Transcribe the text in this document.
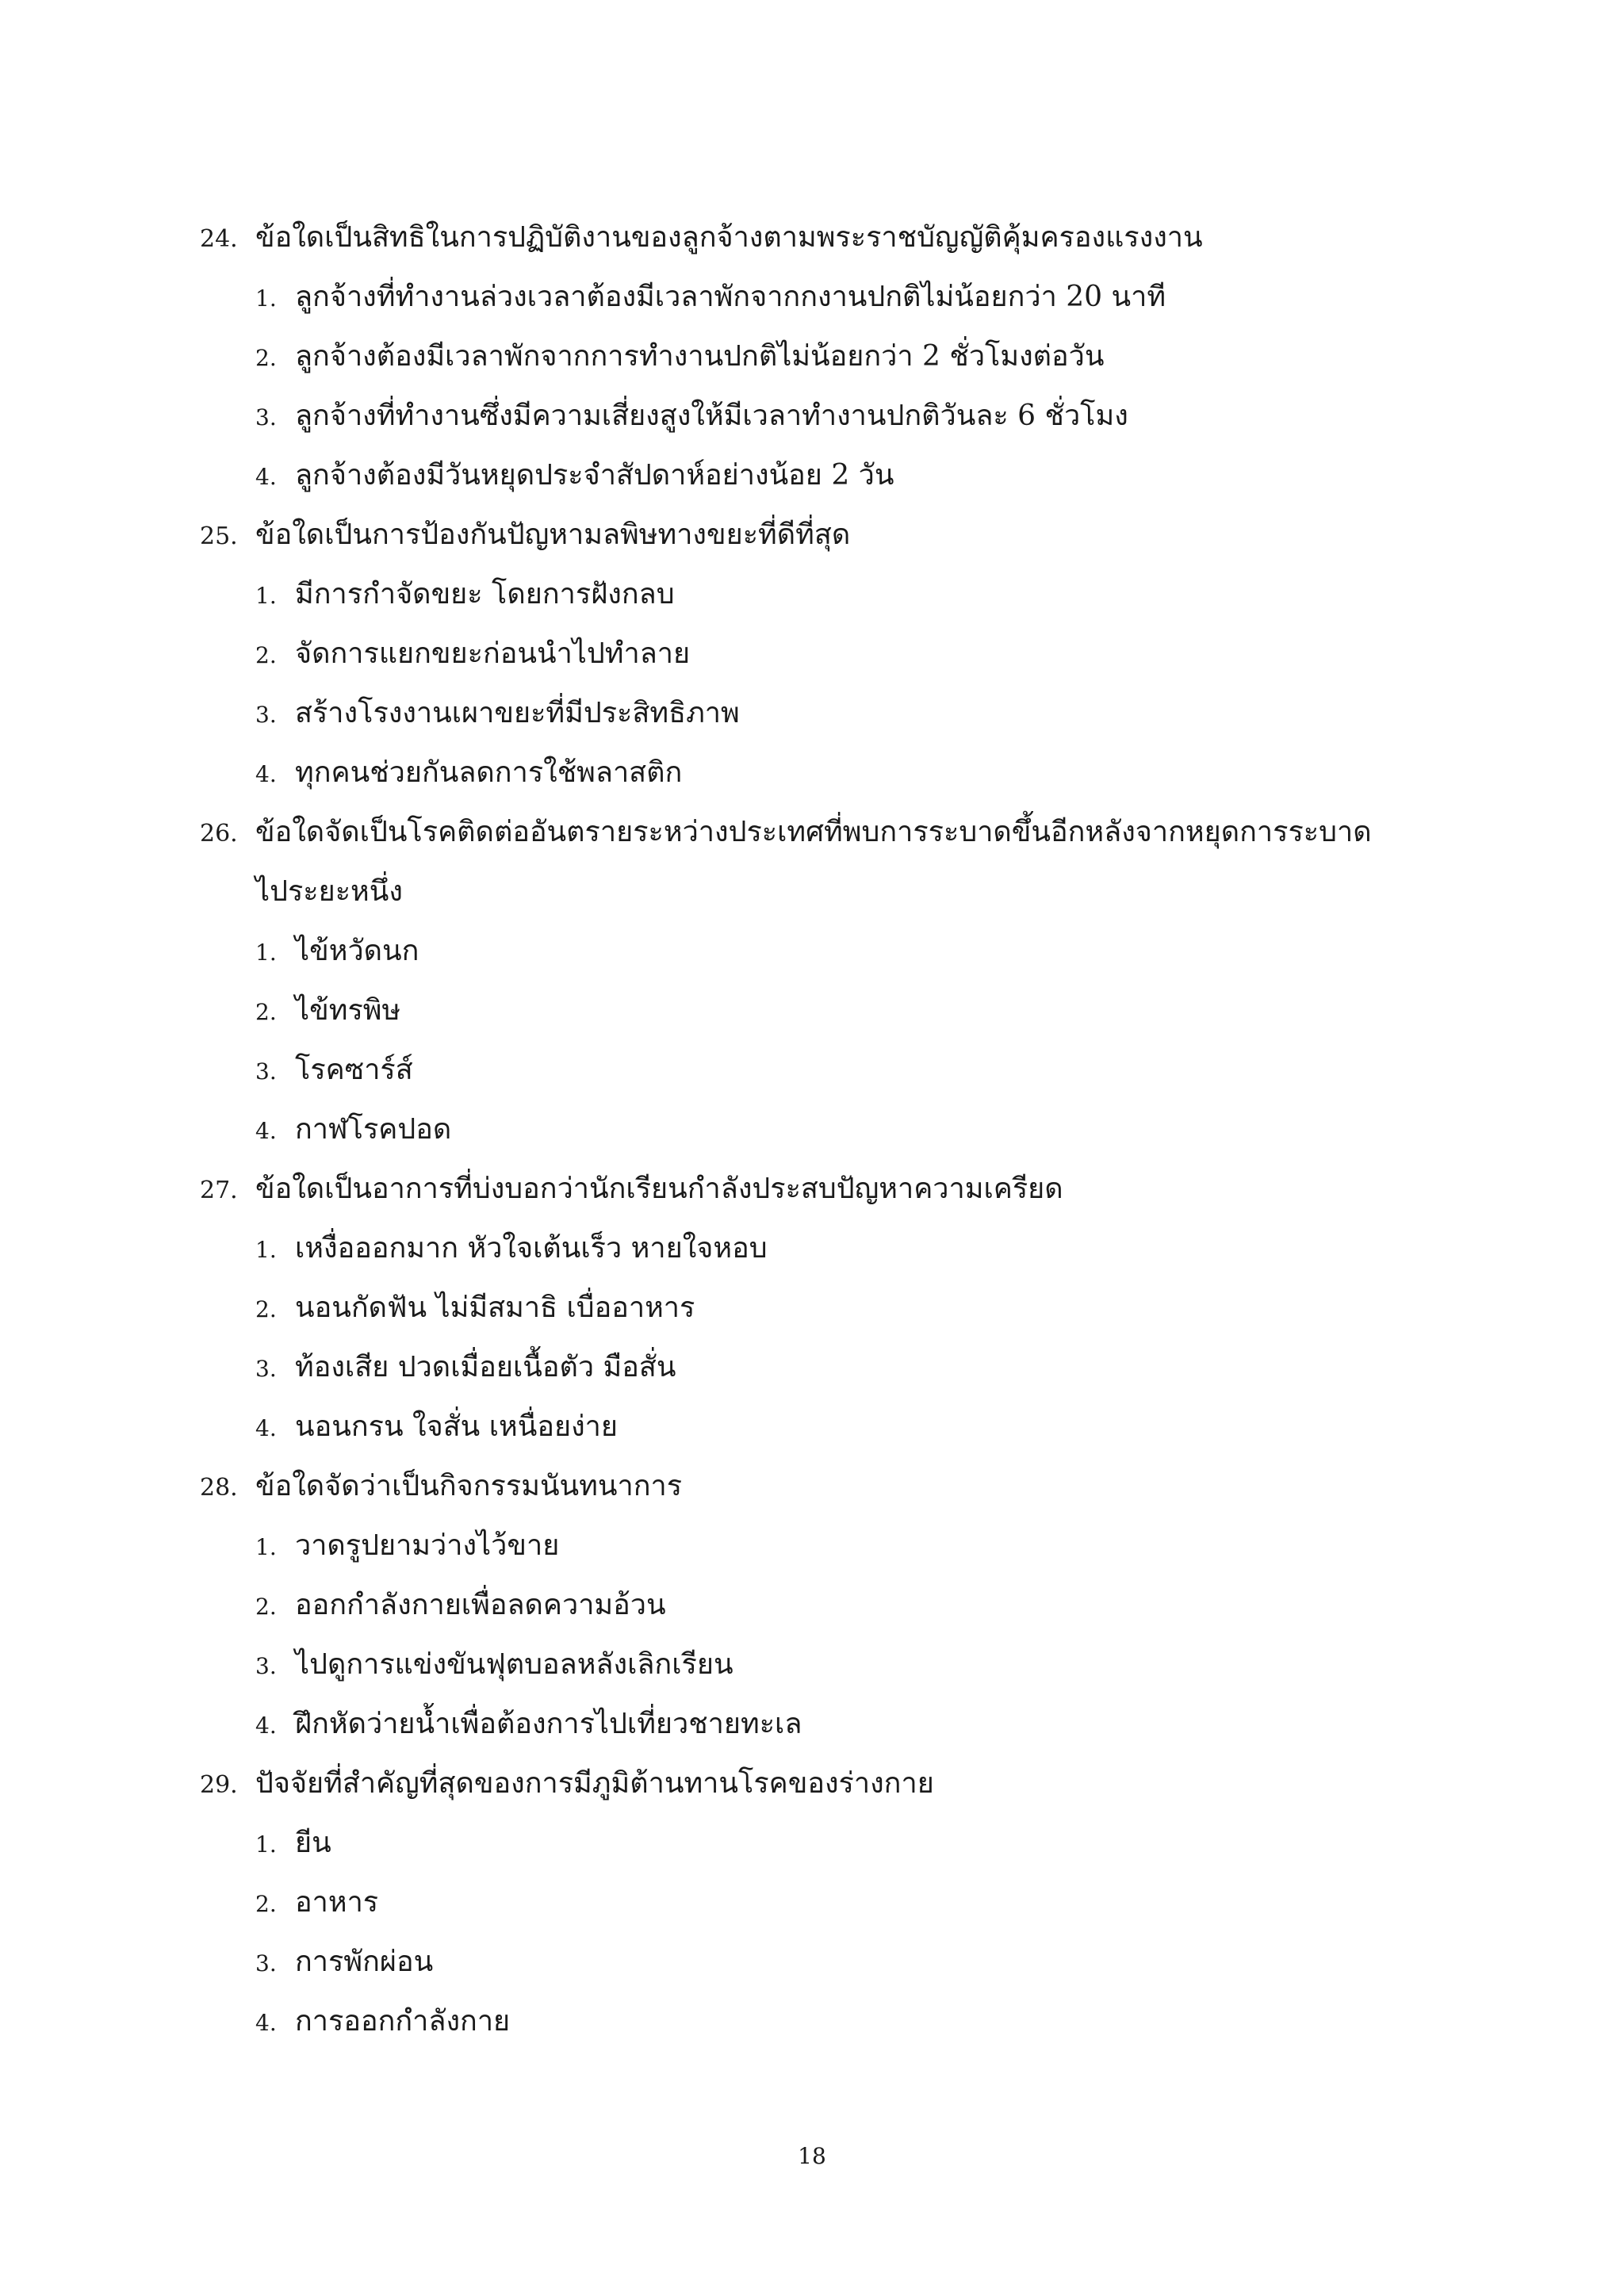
24. ข้อใดเป็นสิทธิในการปฏิบัติงานของลูกจ้างตามพระราชบัญญัติคุ้มครองแรงงาน
1. ลูกจ้างที่ทำงานล่วงเวลาต้องมีเวลาพักจากกงานปกติไม่น้อยกว่า 20 นาที
2. ลูกจ้างต้องมีเวลาพักจากการทำงานปกติไม่น้อยกว่า 2 ชั่วโมงต่อวัน
3. ลูกจ้างที่ทำงานซึ่งมีความเสี่ยงสูงให้มีเวลาทำงานปกติวันละ 6 ชั่วโมง
4. ลูกจ้างต้องมีวันหยุดประจำสัปดาห์อย่างน้อย 2 วัน
25. ข้อใดเป็นการป้องกันปัญหามลพิษทางขยะที่ดีที่สุด
1. มีการกำจัดขยะ โดยการฝังกลบ
2. จัดการแยกขยะก่อนนำไปทำลาย
3. สร้างโรงงานเผาขยะที่มีประสิทธิภาพ
4. ทุกคนช่วยกันลดการใช้พลาสติก
26. ข้อใดจัดเป็นโรคติดต่ออันตรายระหว่างประเทศที่พบการระบาดขึ้นอีกหลังจากหยุดการระบาด
ไประยะหนึ่ง
1. ไข้หวัดนก
2. ไข้ทรพิษ
3. โรคซาร์ส์
4. กาฬโรคปอด
27. ข้อใดเป็นอาการที่บ่งบอกว่านักเรียนกำลังประสบปัญหาความเครียด
1. เหงื่อออกมาก หัวใจเต้นเร็ว หายใจหอบ
2. นอนกัดฟัน ไม่มีสมาธิ เบื่ออาหาร
3. ท้องเสีย ปวดเมื่อยเนื้อตัว มือสั่น
4. นอนกรน ใจสั่น เหนื่อยง่าย
28. ข้อใดจัดว่าเป็นกิจกรรมนันทนาการ
1. วาดรูปยามว่างไว้ขาย
2. ออกกำลังกายเพื่อลดความอ้วน
3. ไปดูการแข่งขันฟุตบอลหลังเลิกเรียน
4. ฝึกหัดว่ายน้ำเพื่อต้องการไปเที่ยวชายทะเล
29. ปัจจัยที่สำคัญที่สุดของการมีภูมิต้านทานโรคของร่างกาย
1. ยีน
2. อาหาร
3. การพักผ่อน
4. การออกกำลังกาย
18
